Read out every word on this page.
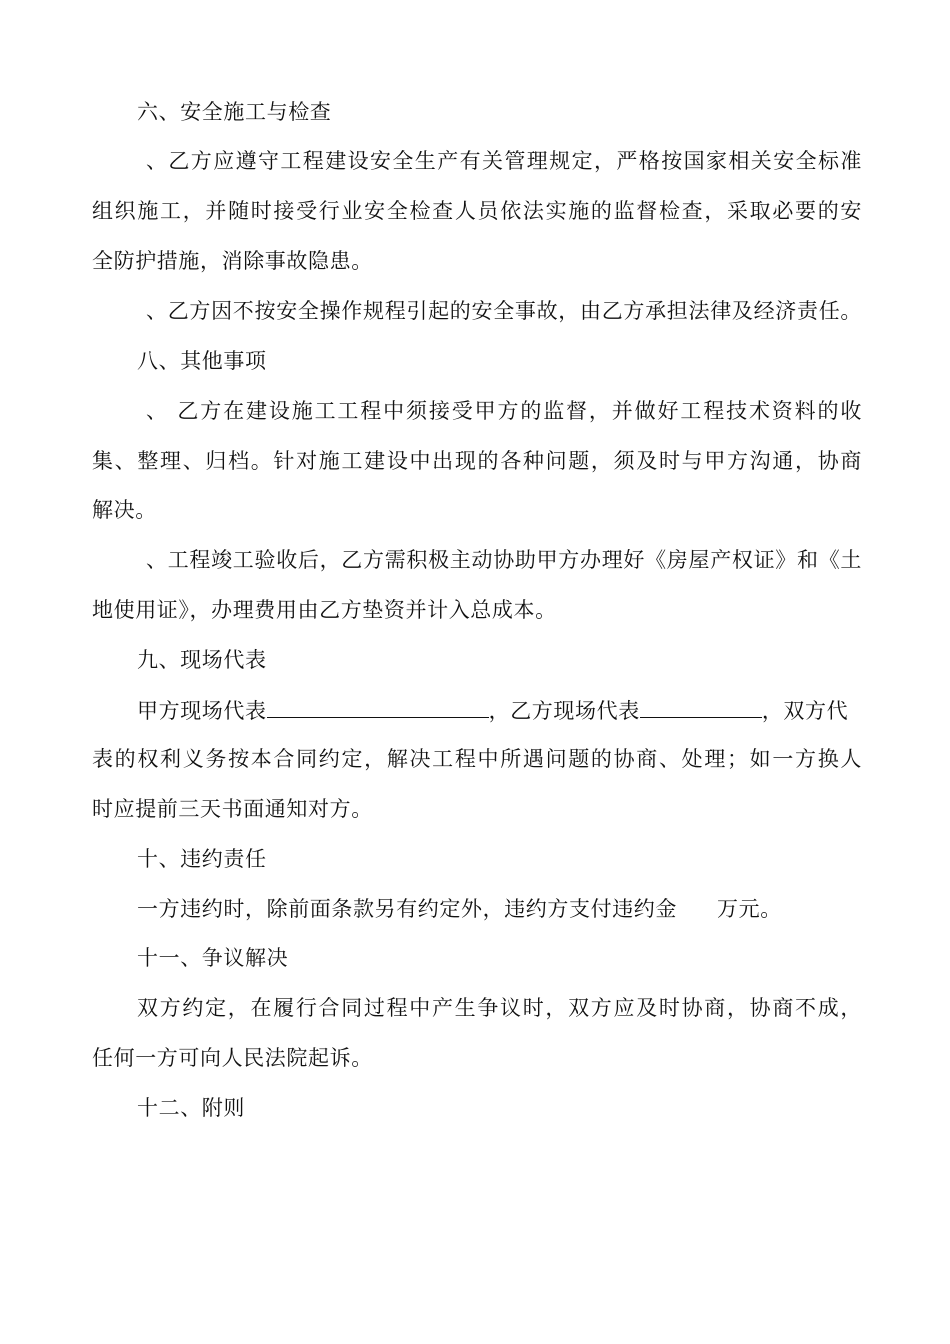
六、安全施工与检查
、乙方应遵守工程建设安全生产有关管理规定，严格按国家相关安全标准
组织施工，并随时接受行业安全检查人员依法实施的监督检查，采取必要的安
全防护措施，消除事故隐患。
、乙方因不按安全操作规程引起的安全事故，由乙方承担法律及经济责任。
八、其他事项
、 乙方在建设施工工程中须接受甲方的监督，并做好工程技术资料的收
集、整理、归档。针对施工建设中出现的各种问题，须及时与甲方沟通，协商
解决。
、工程竣工验收后，乙方需积极主动协助甲方办理好《房屋产权证》和《土
地使用证》，办理费用由乙方垫资并计入总成本。
九、现场代表
甲方现场代表	，乙方现场代表	，双方代
表的权利义务按本合同约定，解决工程中所遇问题的协商、处理；如一方换人
时应提前三天书面通知对方。
十、违约责任
一方违约时，除前面条款另有约定外，违约方支付违约金 万元。
十一、争议解决
双方约定，在履行合同过程中产生争议时，双方应及时协商，协商不成，
任何一方可向人民法院起诉。
十二、附则
